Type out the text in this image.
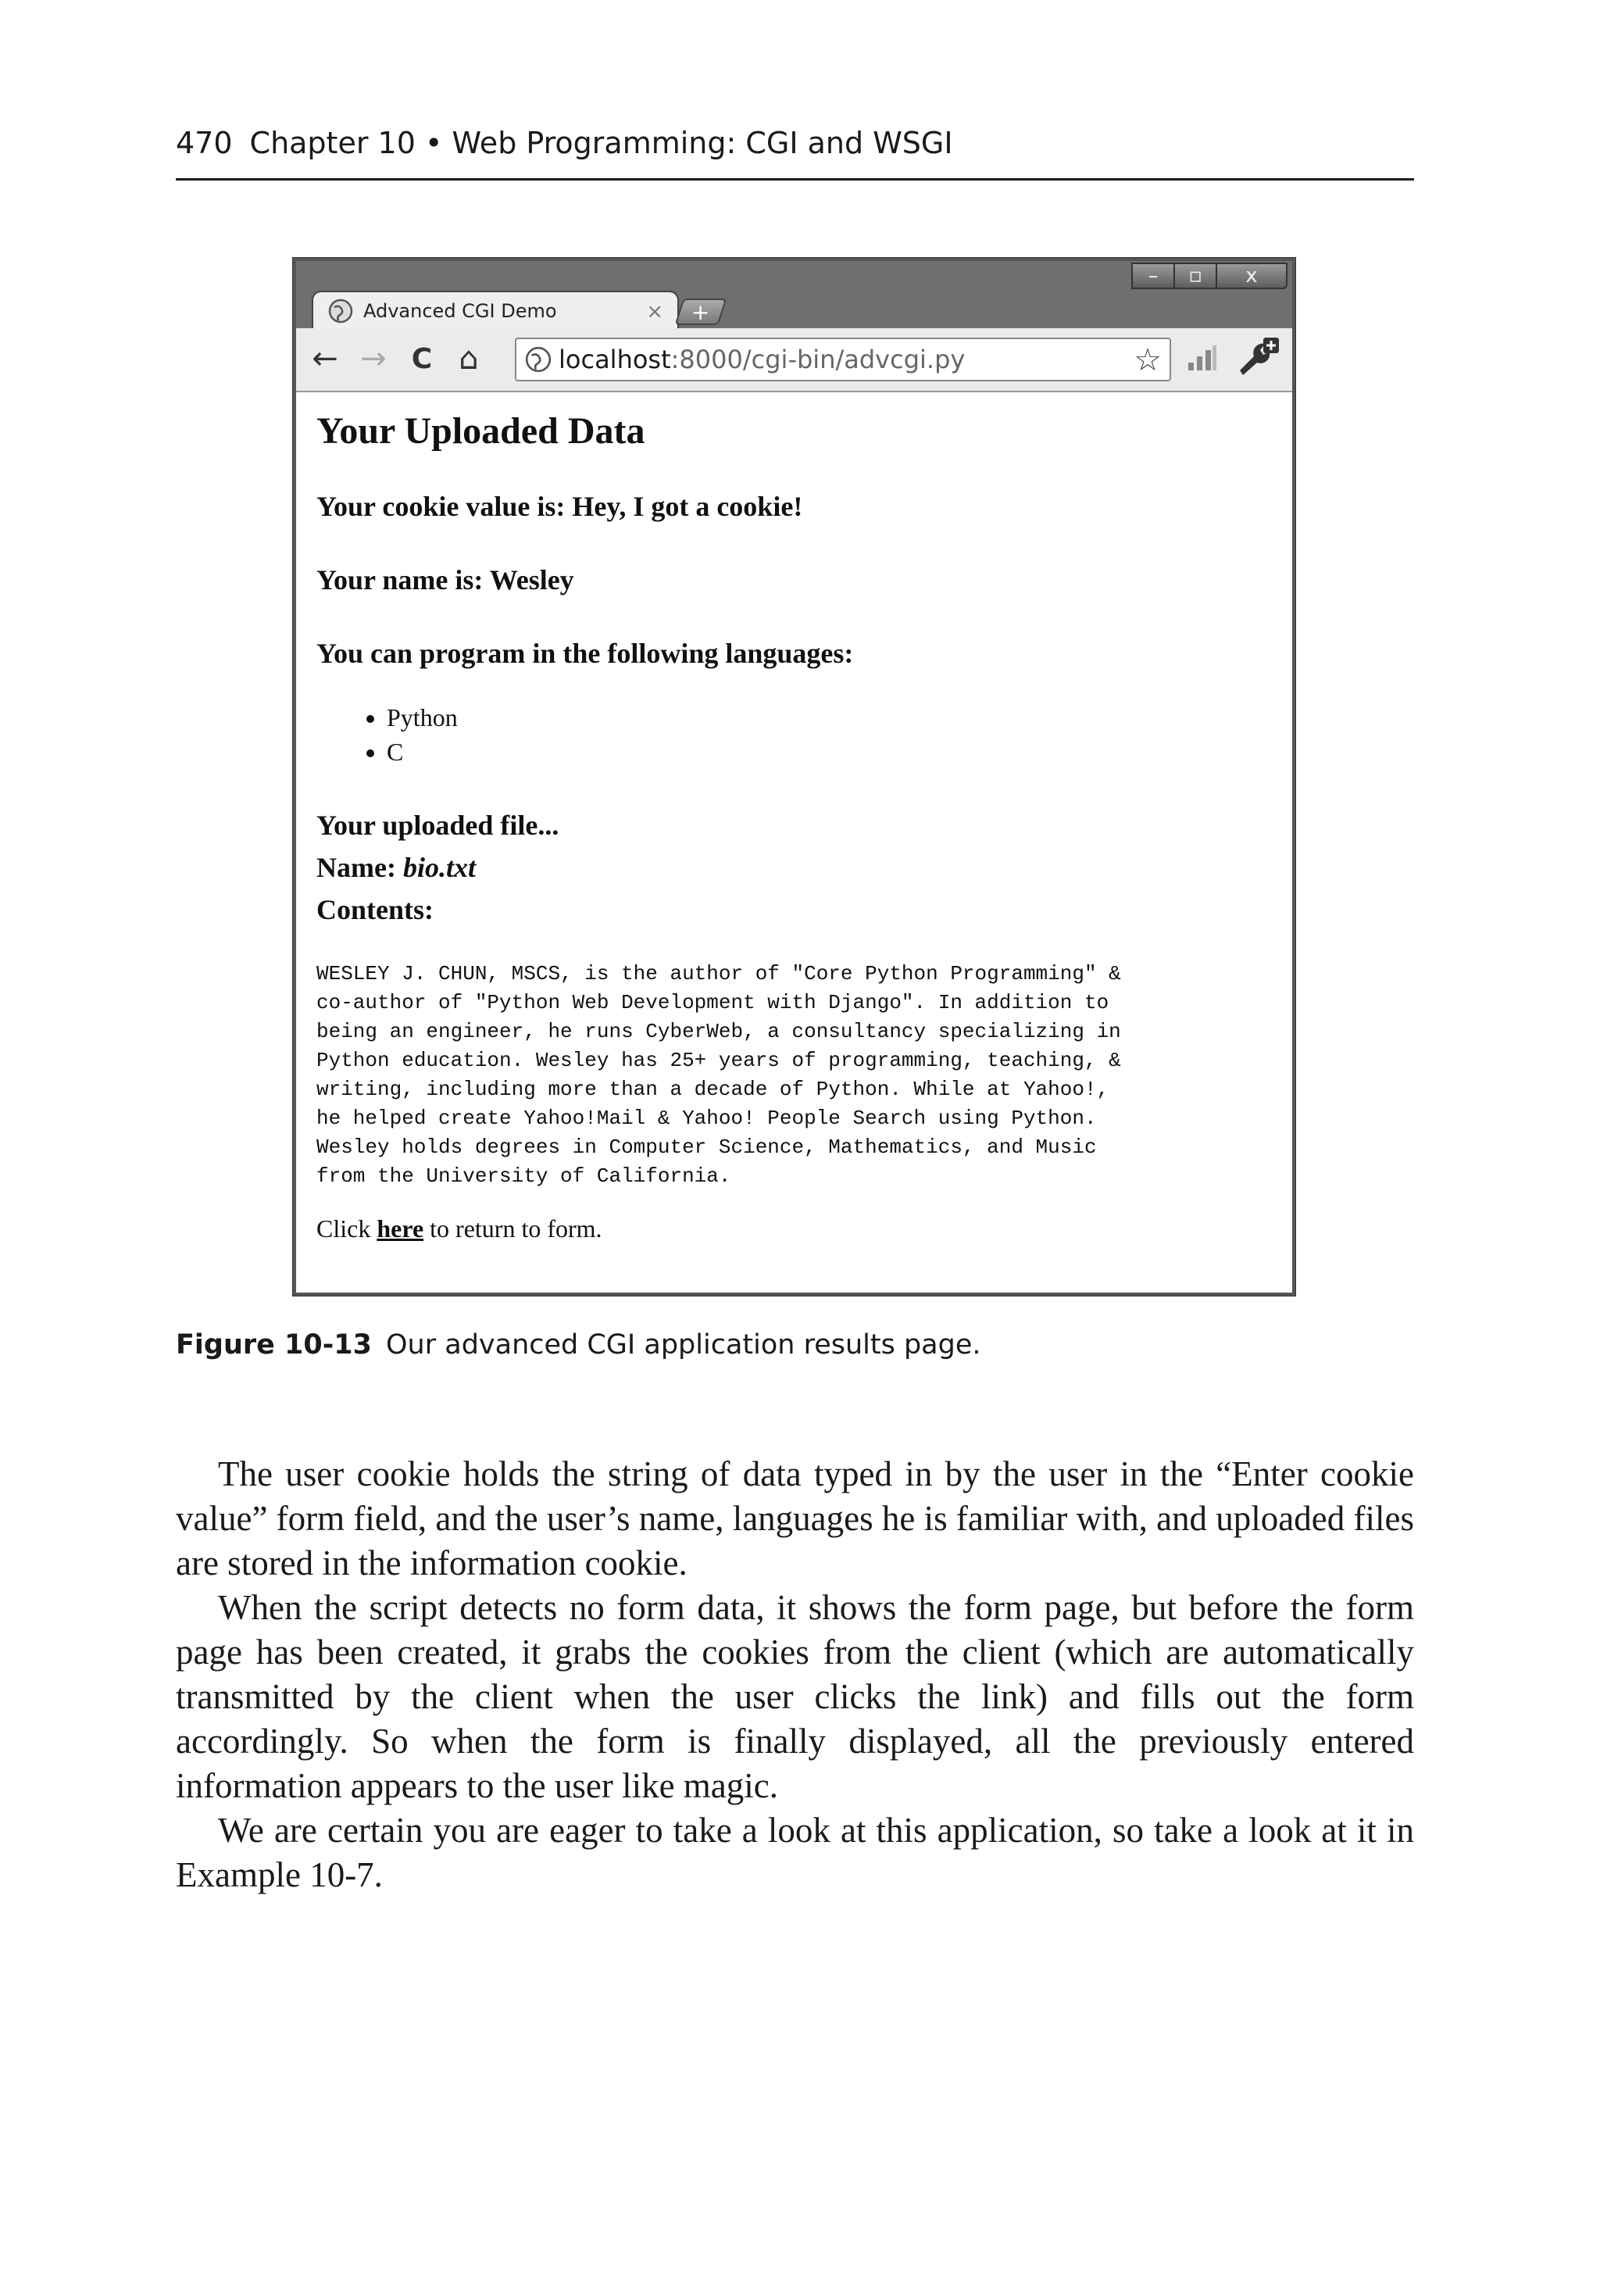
470 Chapter 10 • Web Programming: CGI and WSGI
–	▫	x
Advanced CGI Demo	× +
← → C ⌂	localhost :8000/cgi-bin/advcgi.py	☆
Your Uploaded Data
Your cookie value is: Hey, I got a cookie!
Your name is: Wesley
You can program in the following languages:
• Python
• C
Your uploaded file...
Name: bio.txt
Contents:
WESLEY J. CHUN, MSCS, is the author of "Core Python Programming" &
co-author of "Python Web Development with Django". In addition to
being an engineer, he runs CyberWeb, a consultancy specializing in
Python education. Wesley has 25+ years of programming, teaching, &
writing, including more than a decade of Python. While at Yahoo!,
he helped create Yahoo!Mail & Yahoo! People Search using Python.
Wesley holds degrees in Computer Science, Mathematics, and Music
from the University of California.
Click here to return to form.
Figure 10-13 Our advanced CGI application results page.

The user cookie holds the string of data typed in by the user in the “Enter cookie value” form field, and the user’s name, languages he is familiar with, and uploaded files are stored in the information cookie.

When the script detects no form data, it shows the form page, but before the form page has been created, it grabs the cookies from the client (which are automatically transmitted by the client when the user clicks the link) and fills out the form accordingly. So when the form is finally displayed, all the previously entered information appears to the user like magic.

We are certain you are eager to take a look at this application, so take a look at it in Example 10-7.
